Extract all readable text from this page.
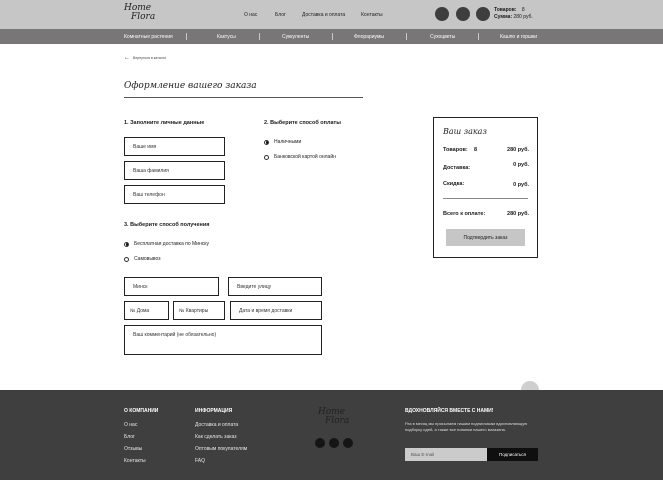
Home
Flora	О нас	Блог	Доставка и оплата	Контакты
Товаров: 8
Сумма: 280 руб.
Комнатные растения	Кактусы	Суккуленты	Флорариумы	Сухоцветы	Кашпо и горшки
← Вернуться в каталог
Оформление вашего заказа
1. Заполните личные данные
Ваше имя
Ваша фамилия
Ваш телефон
2. Выберите способ оплаты
Наличными
Банковской картой онлайн
3. Выберите способ получения
Бесплатная доставка по Минску
Самовывоз
Минск	Введите улицу
№ Дома	№ Квартиры	Дата и время доставки
Ваш комментарий (не обязательно)
Ваш заказ
Товаров: 8	280 руб.
Доставка:	0 руб.
Скидка:	0 руб.
Всего к оплате:	280 руб.
Подтвердить заказ
О КОМПАНИИ
О нас
Блог
Отзывы
Контакты
ИНФОРМАЦИЯ
Доставка и оплата
Как сделать заказ
Оптовым покупателям
FAQ
Home
Flora
ВДОХНОВЛЯЙСЯ ВМЕСТЕ С НАМИ!
Раз в месяц мы присылаем нашим подписчикам вдохновляющую подборку идей, а также все новинки нашего магазина.
Ваш E-mail	Подписаться
